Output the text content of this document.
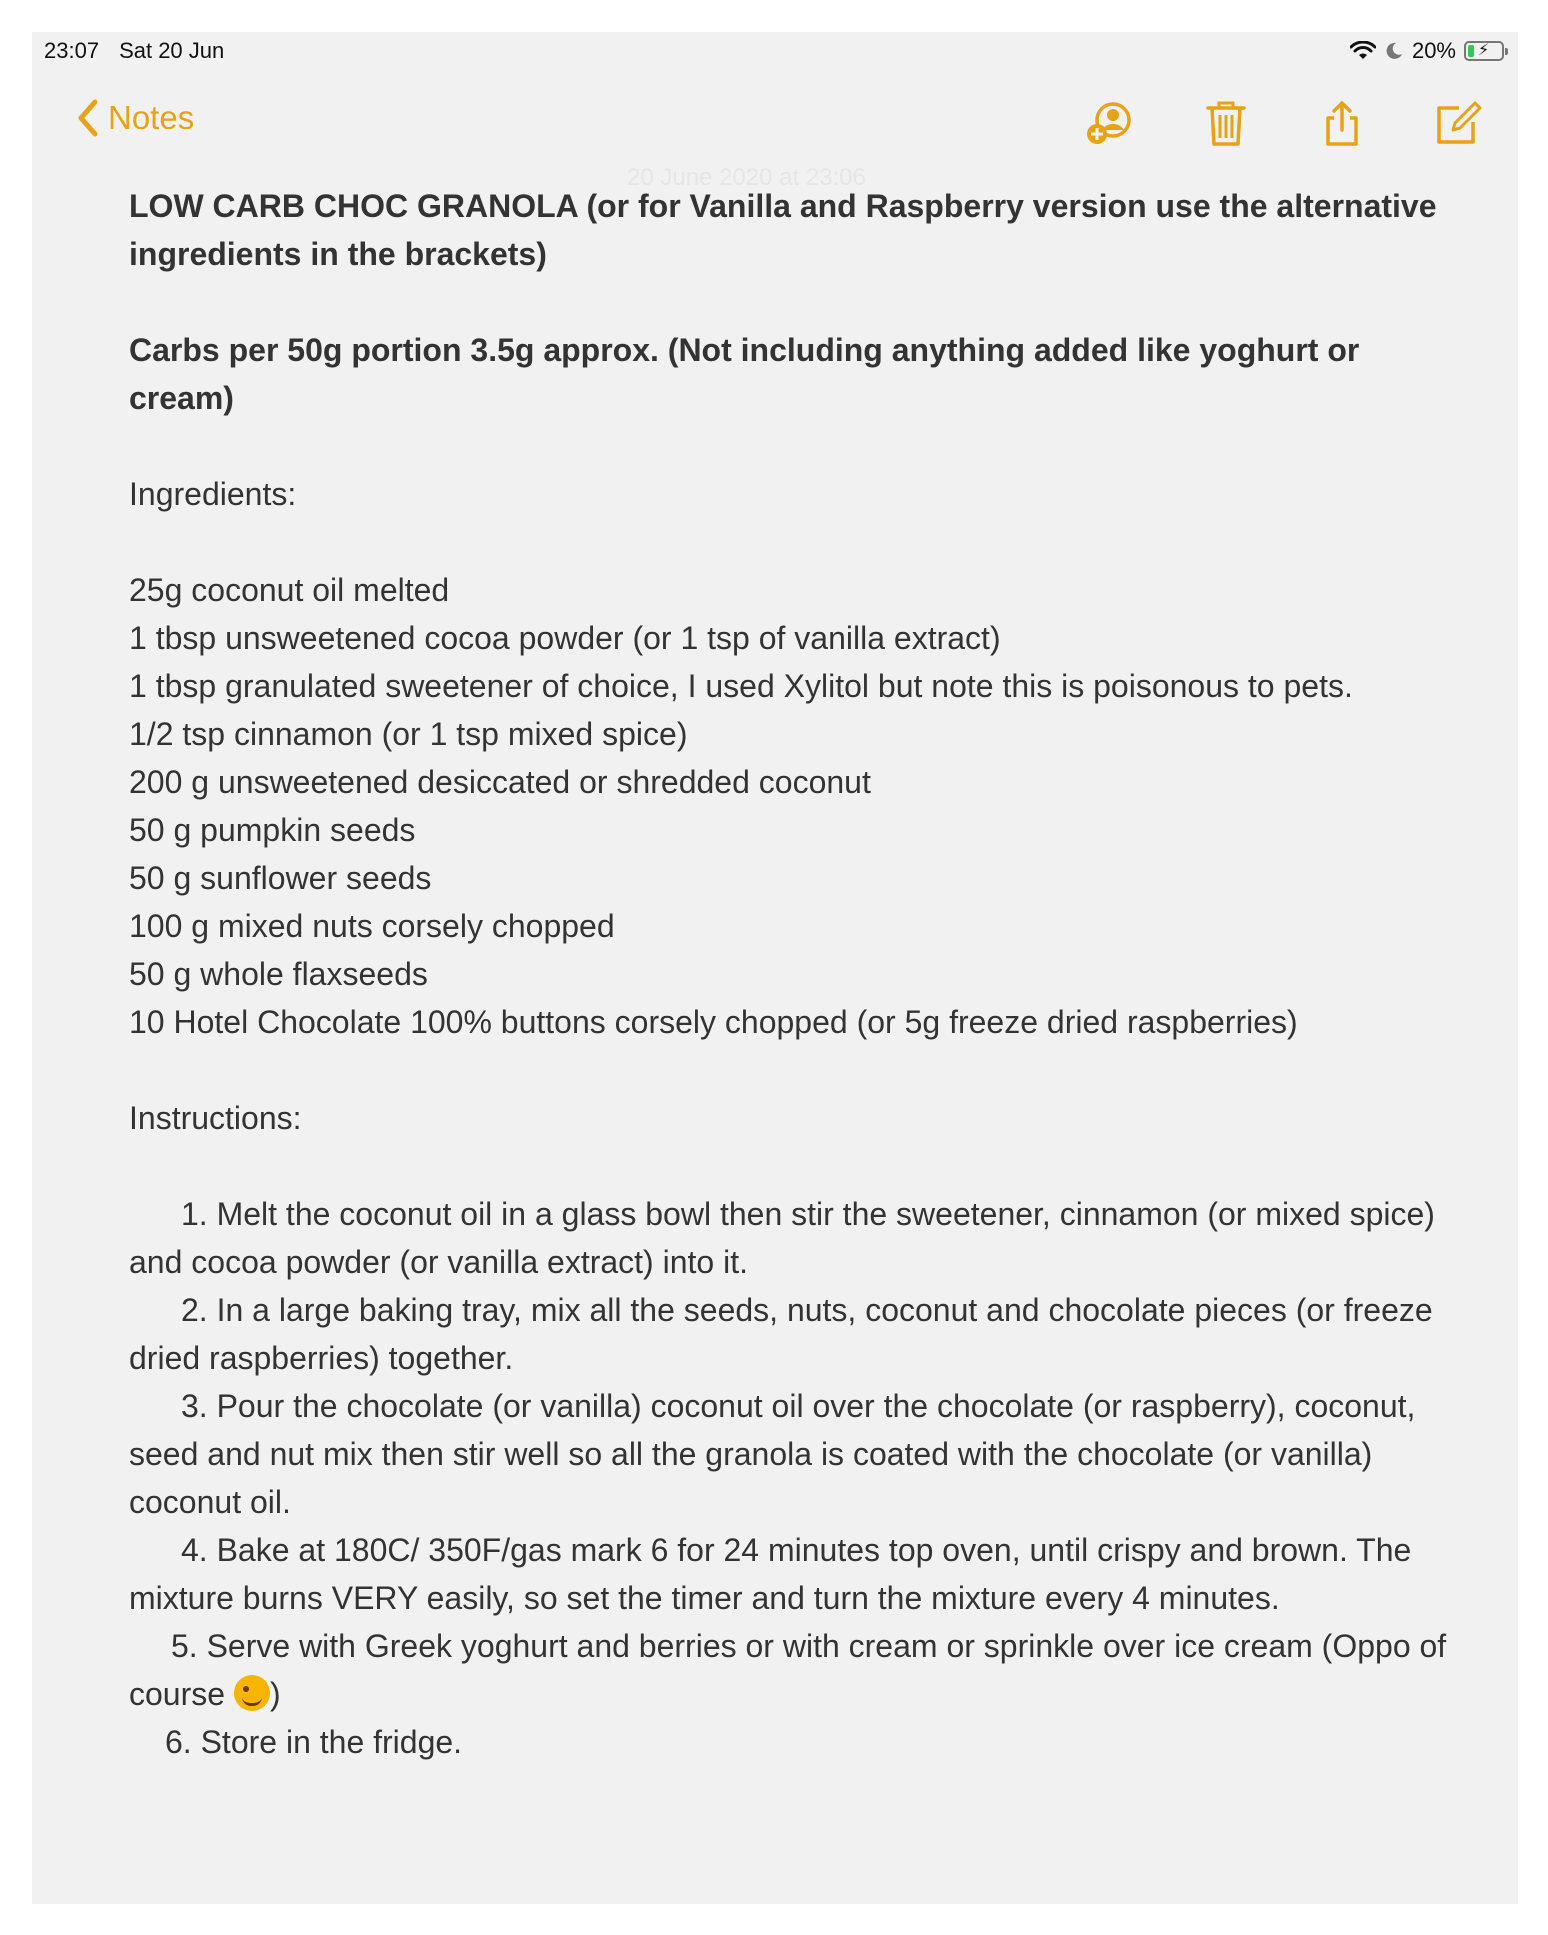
23:07 Sat 20 Jun	20% ⚡
Notes
20 June 2020 at 23:06

LOW CARB CHOC GRANOLA (or for Vanilla and Raspberry version use the alternative ingredients in the brackets)

Carbs per 50g portion 3.5g approx. (Not including anything added like yoghurt or cream)

Ingredients:

25g coconut oil melted

1 tbsp unsweetened cocoa powder (or 1 tsp of vanilla extract)

1 tbsp granulated sweetener of choice, I used Xylitol but note this is poisonous to pets.

1/2 tsp cinnamon (or 1 tsp mixed spice)

200 g unsweetened desiccated or shredded coconut

50 g pumpkin seeds

50 g sunflower seeds

100 g mixed nuts corsely chopped

50 g whole flaxseeds

10 Hotel Chocolate 100% buttons corsely chopped (or 5g freeze dried raspberries)

Instructions:

1. Melt the coconut oil in a glass bowl then stir the sweetener, cinnamon (or mixed spice) and cocoa powder (or vanilla extract) into it.

2. In a large baking tray, mix all the seeds, nuts, coconut and chocolate pieces (or freeze dried raspberries) together.

3. Pour the chocolate (or vanilla) coconut oil over the chocolate (or raspberry), coconut, seed and nut mix then stir well so all the granola is coated with the chocolate (or vanilla) coconut oil.

4. Bake at 180C/ 350F/gas mark 6 for 24 minutes top oven, until crispy and brown. The mixture burns VERY easily, so set the timer and turn the mixture every 4 minutes.

5. Serve with Greek yoghurt and berries or with cream or sprinkle over ice cream (Oppo of course )

6. Store in the fridge.
